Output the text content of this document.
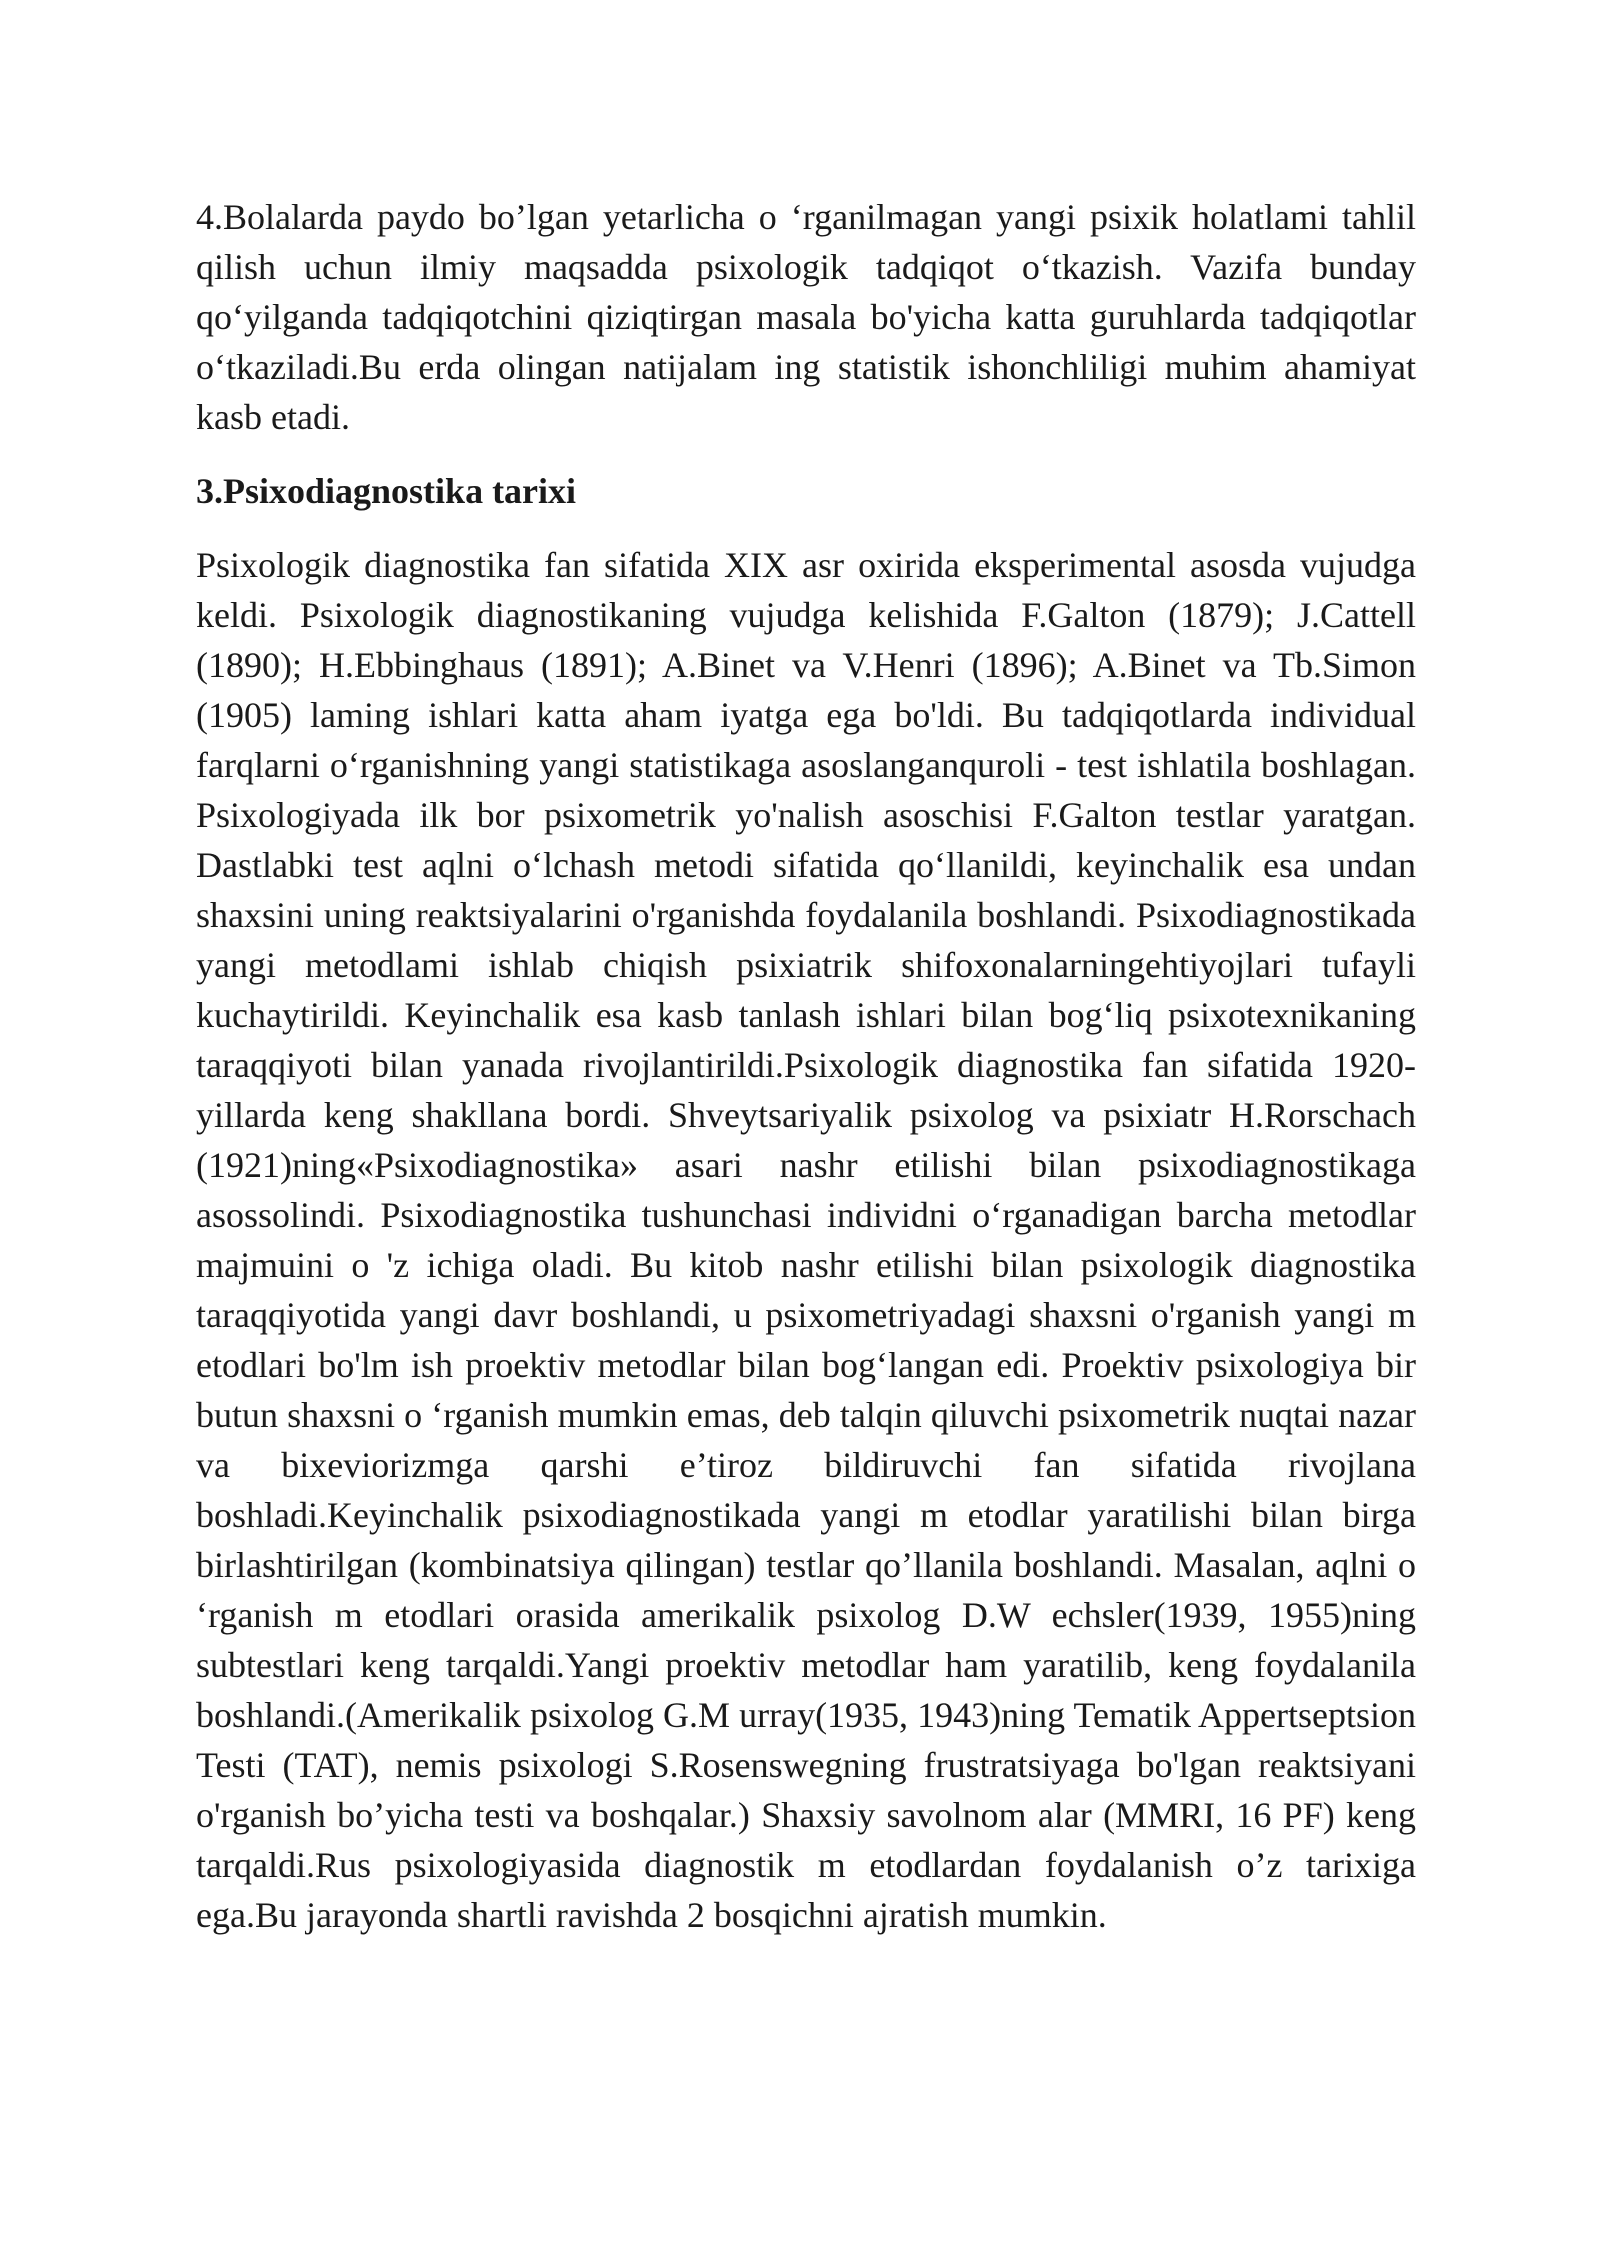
4.Bolalarda paydo bo’lgan yetarlicha o ‘rganilmagan yangi psixik holatlami tahlil qilish uchun ilmiy maqsadda psixologik tadqiqot o‘tkazish. Vazifa bunday qo‘yilganda tadqiqotchini qiziqtirgan masala bo'yicha katta guruhlarda tadqiqotlar o‘tkaziladi.Bu erda olingan natijalam ing statistik ishonchliligi muhim ahamiyat kasb etadi.

3.Psixodiagnostika tarixi

Psixologik diagnostika fan sifatida XIX asr oxirida eksperimental asosda vujudga keldi. Psixologik diagnostikaning vujudga kelishida F.Galton (1879); J.Cattell (1890); H.Ebbinghaus (1891); A.Binet va V.Henri (1896); A.Binet va Tb.Simon (1905) laming ishlari katta aham iyatga ega bo'ldi. Bu tadqiqotlarda individual farqlarni o‘rganishning yangi statistikaga asoslanganquroli - test ishlatila boshlagan. Psixologiyada ilk bor psixometrik yo'nalish asoschisi F.Galton testlar yaratgan. Dastlabki test aqlni o‘lchash metodi sifatida qo‘llanildi, keyinchalik esa undan shaxsini uning reaktsiyalarini o'rganishda foydalanila boshlandi. Psixodiagnostikada yangi metodlami ishlab chiqish psixiatrik shifoxonalarningehtiyojlari tufayli kuchaytirildi. Keyinchalik esa kasb tanlash ishlari bilan bog‘liq psixotexnikaning taraqqiyoti bilan yanada rivojlantirildi.Psixologik diagnostika fan sifatida 1920-yillarda keng shakllana bordi. Shveytsariyalik psixolog va psixiatr H.Rorschach (1921)ning«Psixodiagnostika» asari nashr etilishi bilan psixodiagnostikaga asossolindi. Psixodiagnostika tushunchasi individni o‘rganadigan barcha metodlar majmuini o 'z ichiga oladi. Bu kitob nashr etilishi bilan psixologik diagnostika taraqqiyotida yangi davr boshlandi, u psixometriyadagi shaxsni o'rganish yangi m etodlari bo'lm ish proektiv metodlar bilan bog‘langan edi. Proektiv psixologiya bir butun shaxsni o ‘rganish mumkin emas, deb talqin qiluvchi psixometrik nuqtai nazar va bixeviorizmga qarshi e’tiroz bildiruvchi fan sifatida rivojlana boshladi.Keyinchalik psixodiagnostikada yangi m etodlar yaratilishi bilan birga birlashtirilgan (kombinatsiya qilingan) testlar qo’llanila boshlandi. Masalan, aqlni o ‘rganish m etodlari orasida amerikalik psixolog D.W echsler(1939, 1955)ning subtestlari keng tarqaldi.Yangi proektiv metodlar ham yaratilib, keng foydalanila boshlandi.(Amerikalik psixolog G.M urray(1935, 1943)ning Tematik Appertseptsion Testi (TAT), nemis psixologi S.Rosenswegning frustratsiyaga bo'lgan reaktsiyani o'rganish bo’yicha testi va boshqalar.) Shaxsiy savolnom alar (MMRI, 16 PF) keng tarqaldi.Rus psixologiyasida diagnostik m etodlardan foydalanish o’z tarixiga ega.Bu jarayonda shartli ravishda 2 bosqichni ajratish mumkin.
